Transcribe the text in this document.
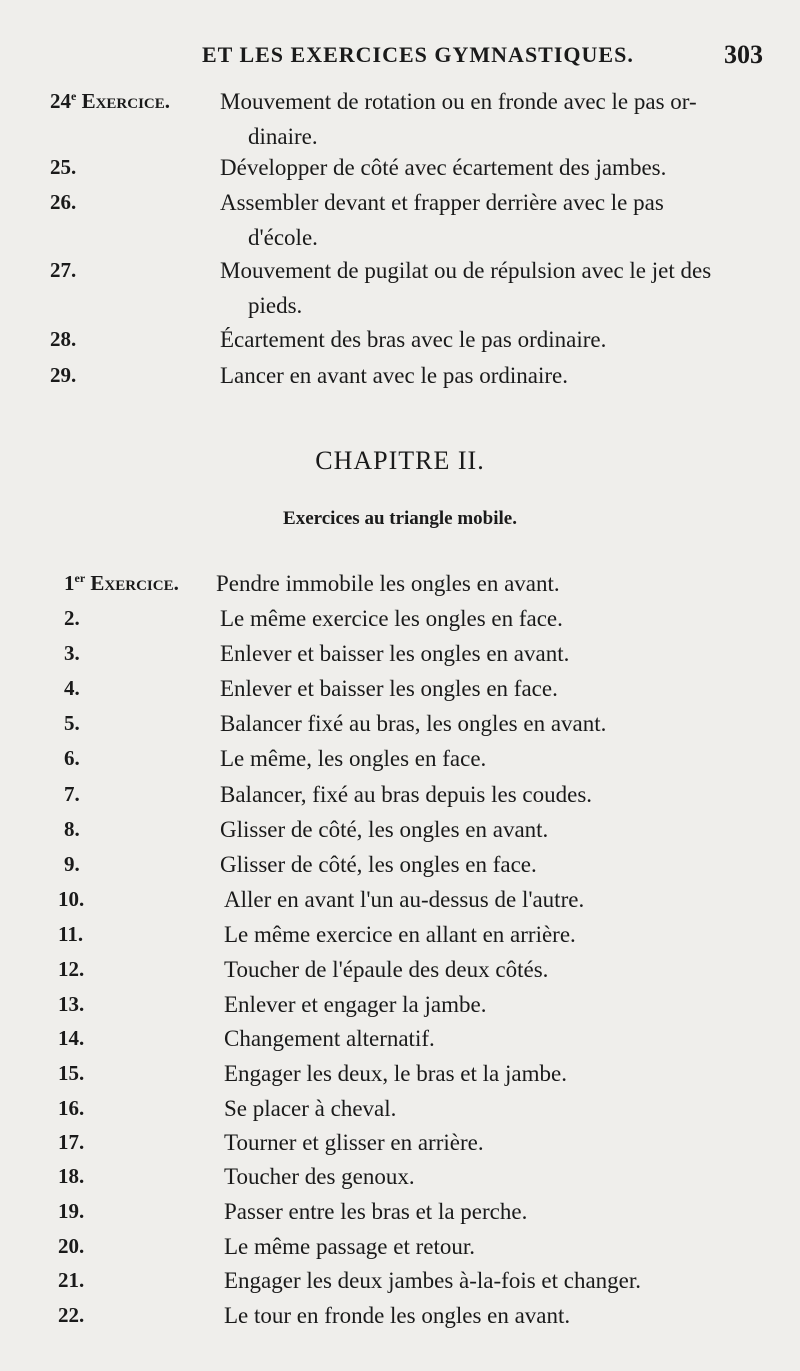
ET LES EXERCICES GYMNASTIQUES.	303
24e Exercice. Mouvement de rotation ou en fronde avec le pas or-
dinaire.
25.	Développer de côté avec écartement des jambes.
26.	Assembler devant et frapper derrière avec le pas
d'école.
27.	Mouvement de pugilat ou de répulsion avec le jet des
pieds.
28.	Écartement des bras avec le pas ordinaire.
29.	Lancer en avant avec le pas ordinaire.
CHAPITRE II.
Exercices au triangle mobile.
1er Exercice. Pendre immobile les ongles en avant.
2.	Le même exercice les ongles en face.
3.	Enlever et baisser les ongles en avant.
4.	Enlever et baisser les ongles en face.
5.	Balancer fixé au bras, les ongles en avant.
6.	Le même, les ongles en face.
7.	Balancer, fixé au bras depuis les coudes.
8.	Glisser de côté, les ongles en avant.
9.	Glisser de côté, les ongles en face.
10.	Aller en avant l'un au-dessus de l'autre.
11.	Le même exercice en allant en arrière.
12.	Toucher de l'épaule des deux côtés.
13.	Enlever et engager la jambe.
14.	Changement alternatif.
15.	Engager les deux, le bras et la jambe.
16.	Se placer à cheval.
17.	Tourner et glisser en arrière.
18.	Toucher des genoux.
19.	Passer entre les bras et la perche.
20.	Le même passage et retour.
21.	Engager les deux jambes à-la-fois et changer.
22.	Le tour en fronde les ongles en avant.
